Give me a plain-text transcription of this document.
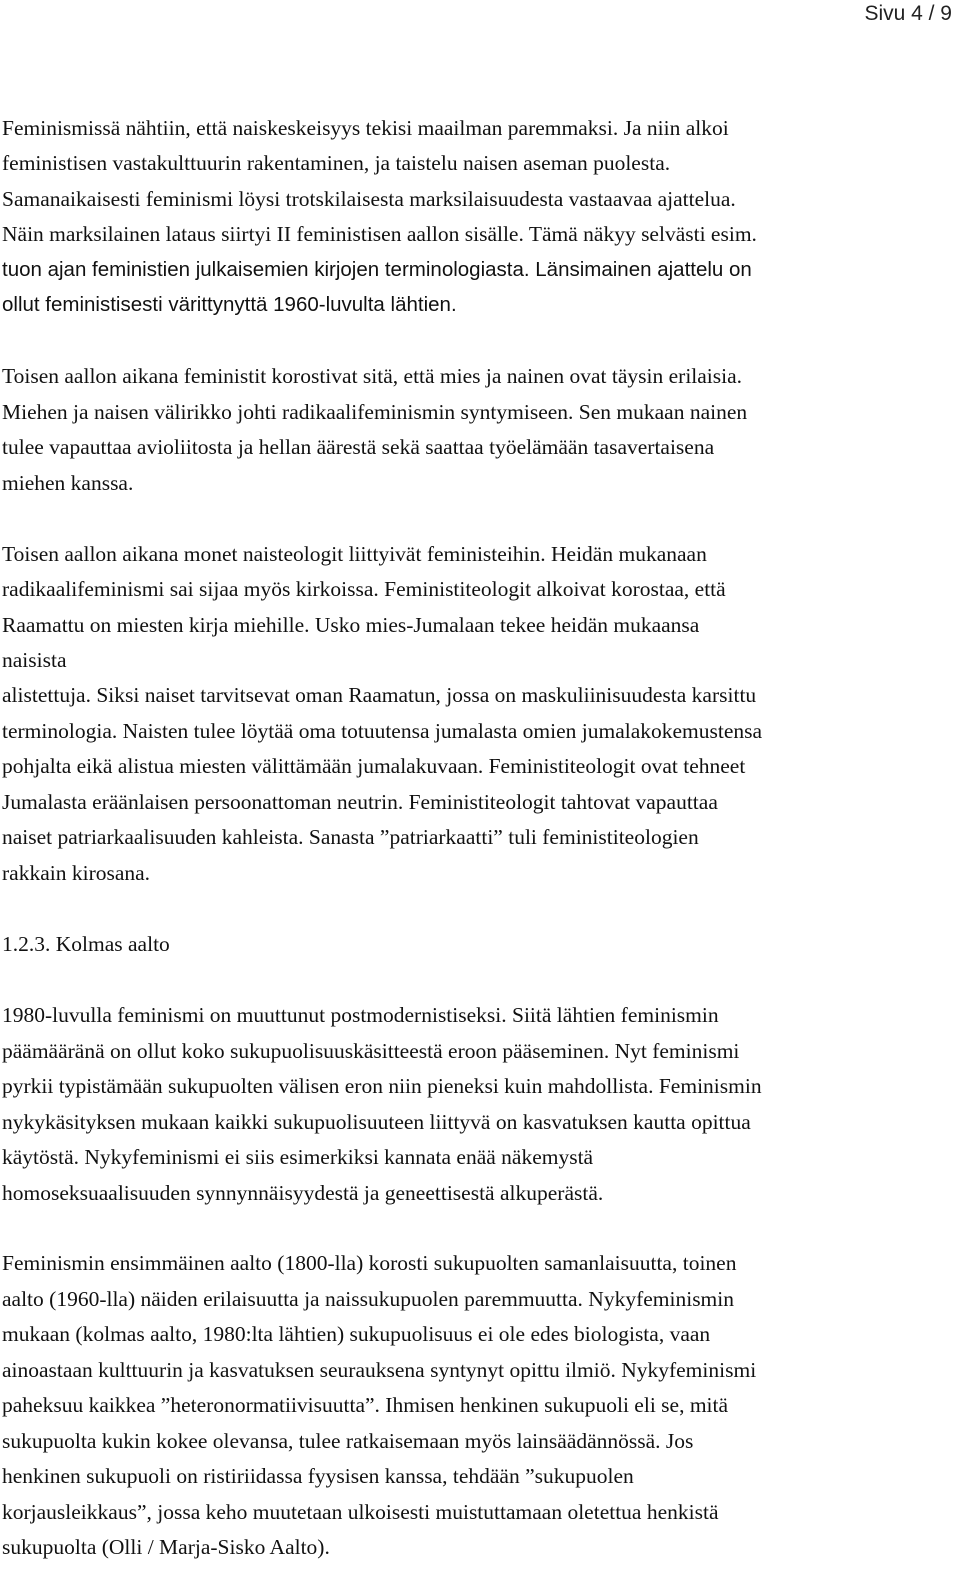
Sivu 4 / 9

Feminismissä nähtiin, että naiskeskeisyys tekisi maailman paremmaksi. Ja niin alkoi

feministisen vastakulttuurin rakentaminen, ja taistelu naisen aseman puolesta.

Samanaikaisesti feminismi löysi trotskilaisesta marksilaisuudesta vastaavaa ajattelua.

Näin marksilainen lataus siirtyi II feministisen aallon sisälle. Tämä näkyy selvästi esim.

tuon ajan feministien julkaisemien kirjojen terminologiasta. Länsimainen ajattelu on

ollut feministisesti värittynyttä 1960-luvulta lähtien.

Toisen aallon aikana feministit korostivat sitä, että mies ja nainen ovat täysin erilaisia.

Miehen ja naisen välirikko johti radikaalifeminismin syntymiseen. Sen mukaan nainen

tulee vapauttaa avioliitosta ja hellan äärestä sekä saattaa työelämään tasavertaisena

miehen kanssa.

Toisen aallon aikana monet naisteologit liittyivät feministeihin. Heidän mukanaan

radikaalifeminismi sai sijaa myös kirkoissa. Feministiteologit alkoivat korostaa, että

Raamattu on miesten kirja miehille. Usko mies-Jumalaan tekee heidän mukaansa

naisista

alistettuja. Siksi naiset tarvitsevat oman Raamatun, jossa on maskuliinisuudesta karsittu

terminologia. Naisten tulee löytää oma totuutensa jumalasta omien jumalakokemustensa

pohjalta eikä alistua miesten välittämään jumalakuvaan. Feministiteologit ovat tehneet

Jumalasta eräänlaisen persoonattoman neutrin. Feministiteologit tahtovat vapauttaa

naiset patriarkaalisuuden kahleista. Sanasta ”patriarkaatti” tuli feministiteologien

rakkain kirosana.

1.2.3. Kolmas aalto

1980-luvulla feminismi on muuttunut postmodernistiseksi. Siitä lähtien feminismin

päämääränä on ollut koko sukupuolisuuskäsitteestä eroon pääseminen. Nyt feminismi

pyrkii typistämään sukupuolten välisen eron niin pieneksi kuin mahdollista. Feminismin

nykykäsityksen mukaan kaikki sukupuolisuuteen liittyvä on kasvatuksen kautta opittua

käytöstä. Nykyfeminismi ei siis esimerkiksi kannata enää näkemystä

homoseksuaalisuuden synnynnäisyydestä ja geneettisestä alkuperästä.

Feminismin ensimmäinen aalto (1800-lla) korosti sukupuolten samanlaisuutta, toinen

aalto (1960-lla) näiden erilaisuutta ja naissukupuolen paremmuutta. Nykyfeminismin

mukaan (kolmas aalto, 1980:lta lähtien) sukupuolisuus ei ole edes biologista, vaan

ainoastaan kulttuurin ja kasvatuksen seurauksena syntynyt opittu ilmiö. Nykyfeminismi

paheksuu kaikkea ”heteronormatiivisuutta”. Ihmisen henkinen sukupuoli eli se, mitä

sukupuolta kukin kokee olevansa, tulee ratkaisemaan myös lainsäädännössä. Jos

henkinen sukupuoli on ristiriidassa fyysisen kanssa, tehdään ”sukupuolen

korjausleikkaus”, jossa keho muutetaan ulkoisesti muistuttamaan oletettua henkistä

sukupuolta (Olli / Marja-Sisko Aalto).
